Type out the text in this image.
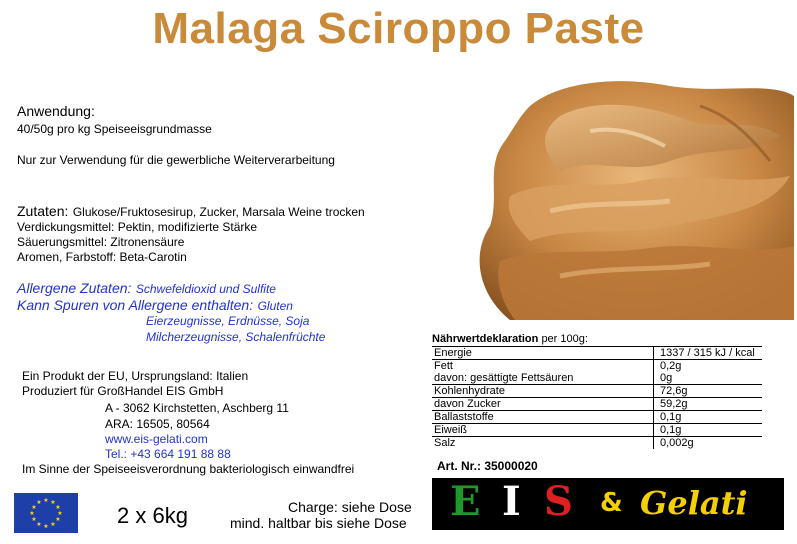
Malaga Sciroppo Paste
Anwendung:
40/50g pro kg Speiseeisgrundmasse
Nur zur Verwendung für die gewerbliche Weiterverarbeitung
Zutaten: Glukose/Fruktosesirup, Zucker, Marsala Weine trocken
Verdickungsmittel: Pektin, modifizierte Stärke
Säuerungsmittel: Zitronensäure
Aromen, Farbstoff: Beta-Carotin
Allergene Zutaten: Schwefeldioxid und Sulfite
Kann Spuren von Allergene enthalten: Gluten
Eierzeugnisse, Erdnüsse, Soja
Milcherzeugnisse, Schalenfrüchte
Ein Produkt der EU, Ursprungsland: Italien
Produziert für GroßHandel EIS GmbH
A - 3062 Kirchstetten, Aschberg 11
ARA: 16505, 80564
www.eis-gelati.com
Tel.: +43 664 191 88 88
Im Sinne der Speiseeisverordnung bakteriologisch einwandfrei
Nährwertdeklaration per 100g:
Energie	1337 / 315 kJ / kcal
Fett	0,2g
davon: gesättigte Fettsäuren	0g
Kohlenhydrate	72,6g
davon Zucker	59,2g
Ballaststoffe	0,1g
Eiweiß	0,1g
Salz	0,002g
Art. Nr.: 35000020
★ ★
★
★
★
★
★
★
★
★
★
★
2 x 6kg	Charge: siehe Dose
mind. haltbar bis siehe Dose E I S & Gelati
